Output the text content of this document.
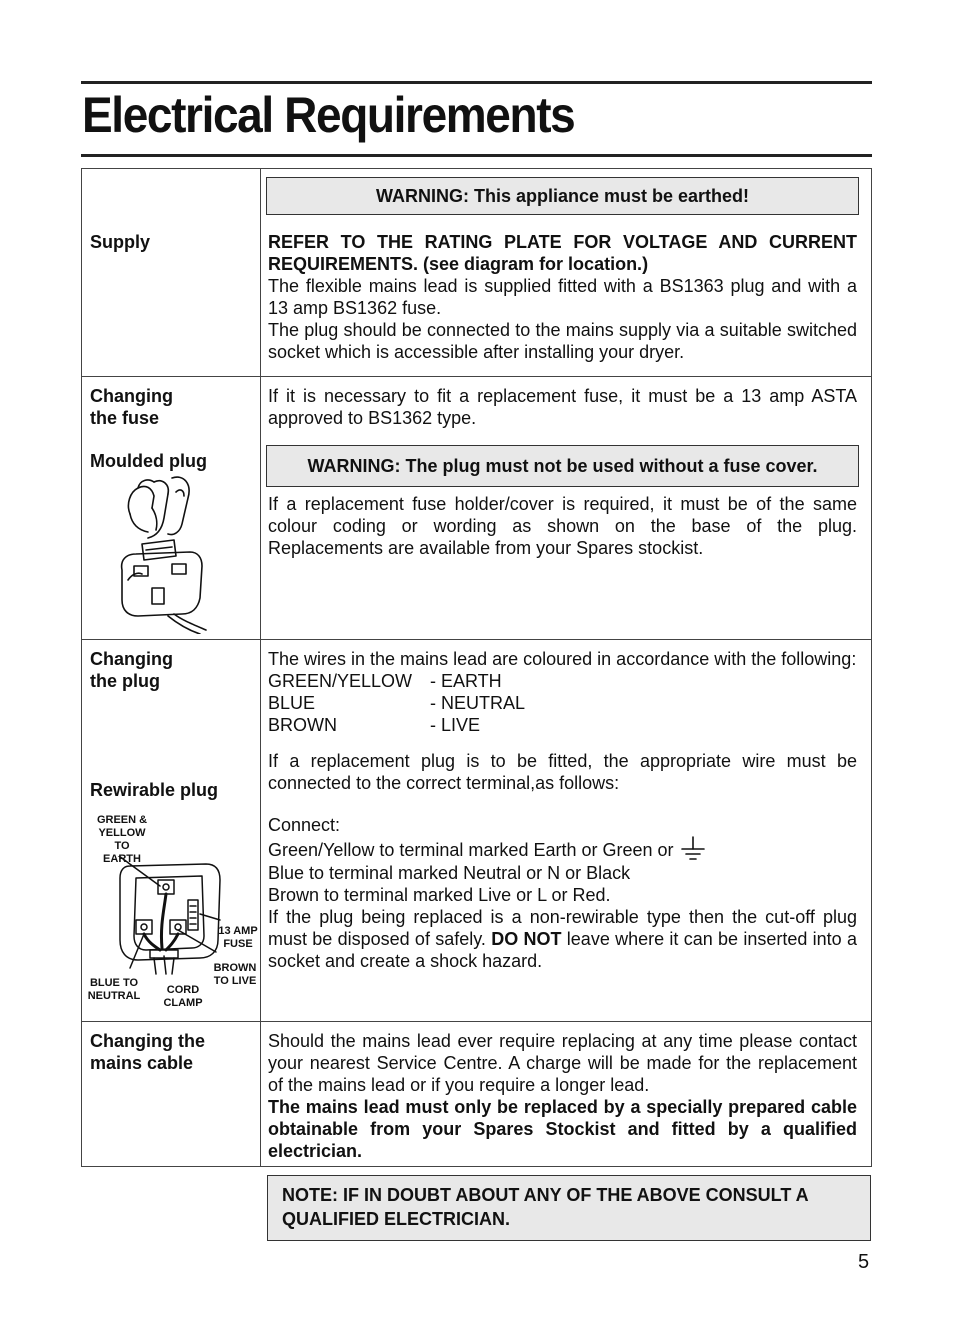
Electrical Requirements
Supply
WARNING: This appliance must be earthed!

REFER TO THE RATING PLATE FOR VOLTAGE AND CURRENT REQUIREMENTS. (see diagram for location.)

The flexible mains lead is supplied fitted with a BS1363 plug and with a 13 amp BS1362 fuse.

The plug should be connected to the mains supply via a suitable switched socket which is accessible after installing your dryer.

Changing
the fuse
Moulded plug

If it is necessary to fit a replacement fuse, it must be a 13 amp ASTA approved to BS1362 type.

WARNING: The plug must not be used without a fuse cover.

If a replacement fuse holder/cover is required, it must be of the same colour coding or wording as shown on the base of the plug. Replacements are available from your Spares stockist.

Changing
the plug
Rewirable plug
GREEN &
YELLOW TO
EARTH
13 AMP
FUSE
BROWN
TO LIVE
BLUE TO
NEUTRAL	CORD
CLAMP

The wires in the mains lead are coloured in accordance with the following:

GREEN/YELLOW - EARTH
BLUE	- NEUTRAL
BROWN	- LIVE

If a replacement plug is to be fitted, the appropriate wire must be connected to the correct terminal,as follows:

Connect:

Green/Yellow to terminal marked Earth or Green or

Blue to terminal marked Neutral or N or Black

Brown to terminal marked Live or L or Red.

If the plug being replaced is a non-rewirable type then the cut-off plug must be disposed of safely. DO NOT leave where it can be inserted into a socket and create a shock hazard.

Changing the
mains cable

Should the mains lead ever require replacing at any time please contact your nearest Service Centre. A charge will be made for the replacement of the mains lead or if you require a longer lead.

The mains lead must only be replaced by a specially prepared cable obtainable from your Spares Stockist and fitted by a qualified electrician.

NOTE: IF IN DOUBT ABOUT ANY OF THE ABOVE CONSULT A QUALIFIED ELECTRICIAN.
5
